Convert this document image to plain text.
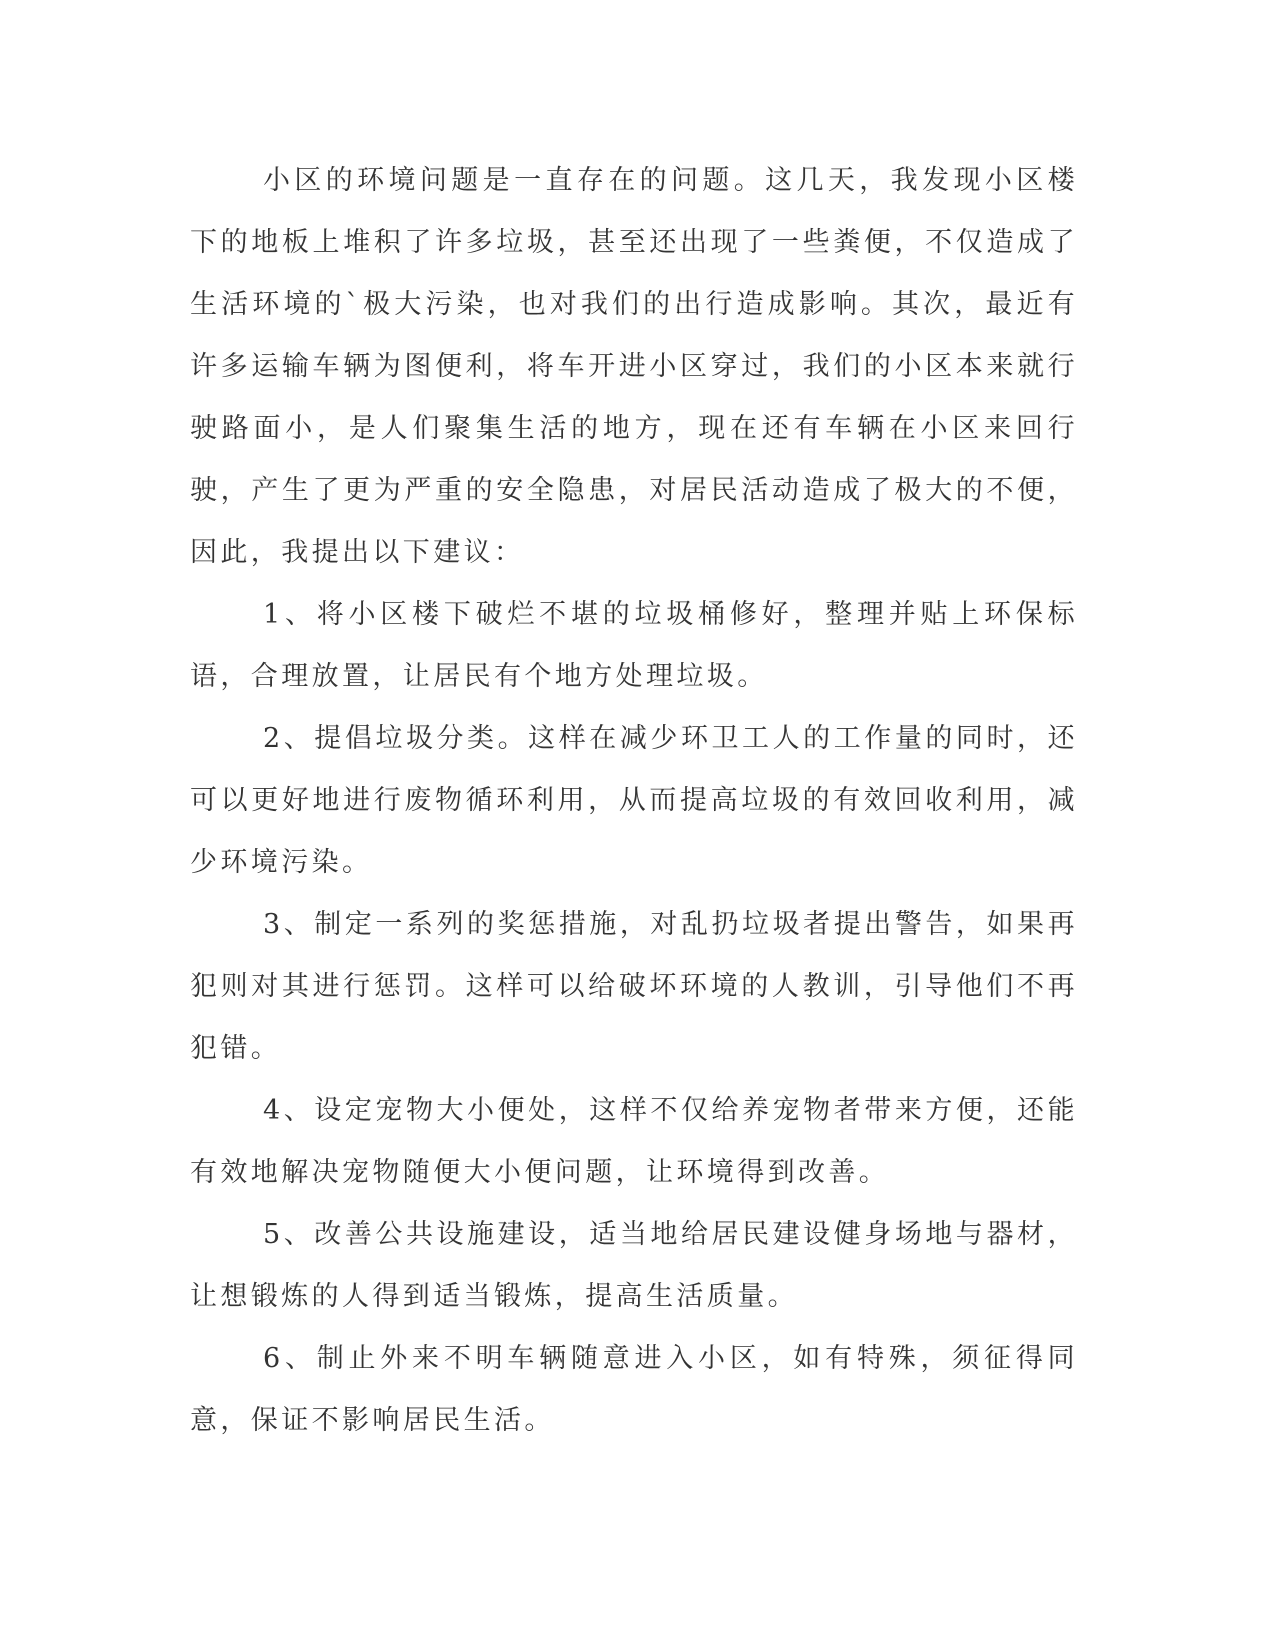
小区的环境问题是一直存在的问题。这几天，我发现小区楼下的地板上堆积了许多垃圾，甚至还出现了一些粪便，不仅造成了生活环境的`极大污染，也对我们的出行造成影响。其次，最近有许多运输车辆为图便利，将车开进小区穿过，我们的小区本来就行驶路面小，是人们聚集生活的地方，现在还有车辆在小区来回行驶，产生了更为严重的安全隐患，对居民活动造成了极大的不便，因此，我提出以下建议：

1、将小区楼下破烂不堪的垃圾桶修好，整理并贴上环保标语，合理放置，让居民有个地方处理垃圾。

2、提倡垃圾分类。这样在减少环卫工人的工作量的同时，还可以更好地进行废物循环利用，从而提高垃圾的有效回收利用，减少环境污染。

3、制定一系列的奖惩措施，对乱扔垃圾者提出警告，如果再犯则对其进行惩罚。这样可以给破坏环境的人教训，引导他们不再犯错。

4、设定宠物大小便处，这样不仅给养宠物者带来方便，还能有效地解决宠物随便大小便问题，让环境得到改善。

5、改善公共设施建设，适当地给居民建设健身场地与器材，让想锻炼的人得到适当锻炼，提高生活质量。

6、制止外来不明车辆随意进入小区，如有特殊，须征得同意，保证不影响居民生活。
